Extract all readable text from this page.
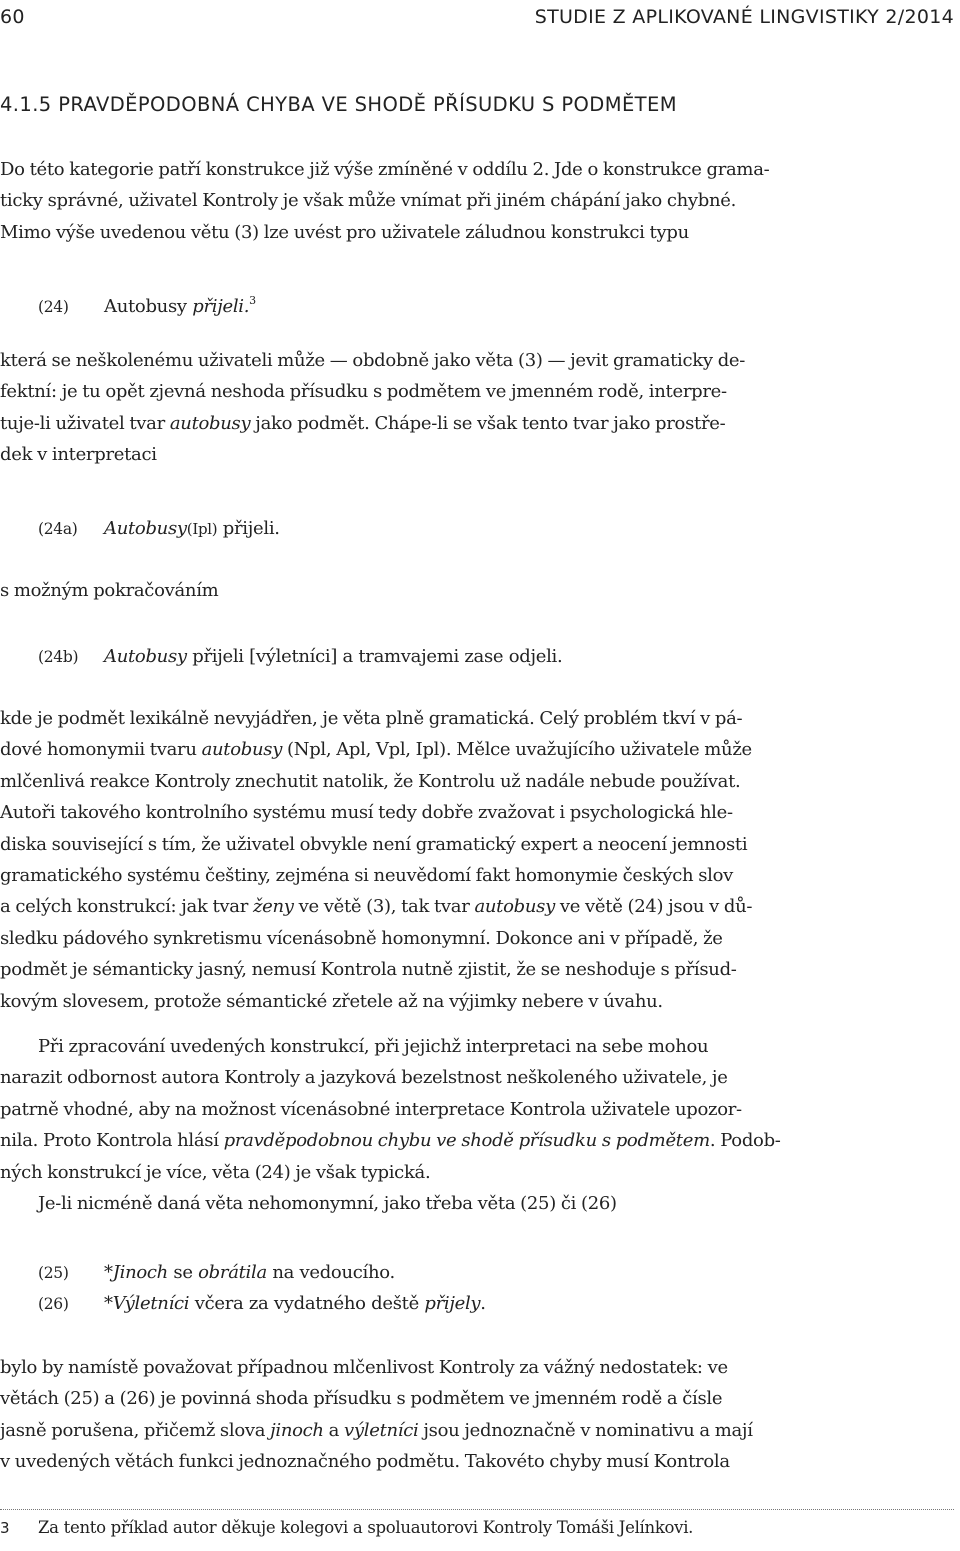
60	STUDIE Z APLIKOVANÉ LINGVISTIKY 2/2014
4.1.5 PRAVDĚPODOBNÁ CHYBA VE SHODĚ PŘÍSUDKU S PODMĚTEM

Do této kategorie patří konstrukce již výše zmíněné v oddílu 2. Jde o konstrukce grama-
ticky správné, uživatel Kontroly je však může vnímat při jiném chápání jako chybné.
Mimo výše uvedenou větu (3) lze uvést pro uživatele záludnou konstrukci typu

(24) Autobusy přijeli.$^3$

která se neškolenému uživateli může — obdobně jako věta (3) — jevit gramaticky de-
fektní: je tu opět zjevná neshoda přísudku s podmětem ve jmenném rodě, interpre-
tuje-li uživatel tvar autobusy jako podmět. Chápe-li se však tento tvar jako prostře-
dek v interpretaci

(24a) Autobusy(Ipl) přijeli.

s možným pokračováním

(24b) Autobusy přijeli [výletníci] a tramvajemi zase odjeli.

kde je podmět lexikálně nevyjádřen, je věta plně gramatická. Celý problém tkví v pá-
dové homonymii tvaru autobusy (Npl, Apl, Vpl, Ipl). Mělce uvažujícího uživatele může
mlčenlivá reakce Kontroly znechutit natolik, že Kontrolu už nadále nebude používat.
Autoři takového kontrolního systému musí tedy dobře zvažovat i psychologická hle-
diska související s tím, že uživatel obvykle není gramatický expert a neocení jemnosti
gramatického systému češtiny, zejména si neuvědomí fakt homonymie českých slov
a celých konstrukcí: jak tvar ženy ve větě (3), tak tvar autobusy ve větě (24) jsou v dů-
sledku pádového synkretismu vícenásobně homonymní. Dokonce ani v případě, že
podmět je sémanticky jasný, nemusí Kontrola nutně zjistit, že se neshoduje s přísud-
kovým slovesem, protože sémantické zřetele až na výjimky nebere v úvahu.

Při zpracování uvedených konstrukcí, při jejichž interpretaci na sebe mohou
narazit odbornost autora Kontroly a jazyková bezelstnost neškoleného uživatele, je
patrně vhodné, aby na možnost vícenásobné interpretace Kontrola uživatele upozor-
nila. Proto Kontrola hlásí pravděpodobnou chybu ve shodě přísudku s podmětem. Podob-
ných konstrukcí je více, věta (24) je však typická.

Je-li nicméně daná věta nehomonymní, jako třeba věta (25) či (26)

(25) *Jinoch se obrátila na vedoucího.
(26) *Výletníci včera za vydatného deště přijely.

bylo by namístě považovat případnou mlčenlivost Kontroly za vážný nedostatek: ve
větách (25) a (26) je povinná shoda přísudku s podmětem ve jmenném rodě a čísle
jasně porušena, přičemž slova jinoch a výletníci jsou jednoznačně v nominativu a mají
v uvedených větách funkci jednoznačného podmětu. Takovéto chyby musí Kontrola

3 Za tento příklad autor děkuje kolegovi a spoluautorovi Kontroly Tomáši Jelínkovi.
